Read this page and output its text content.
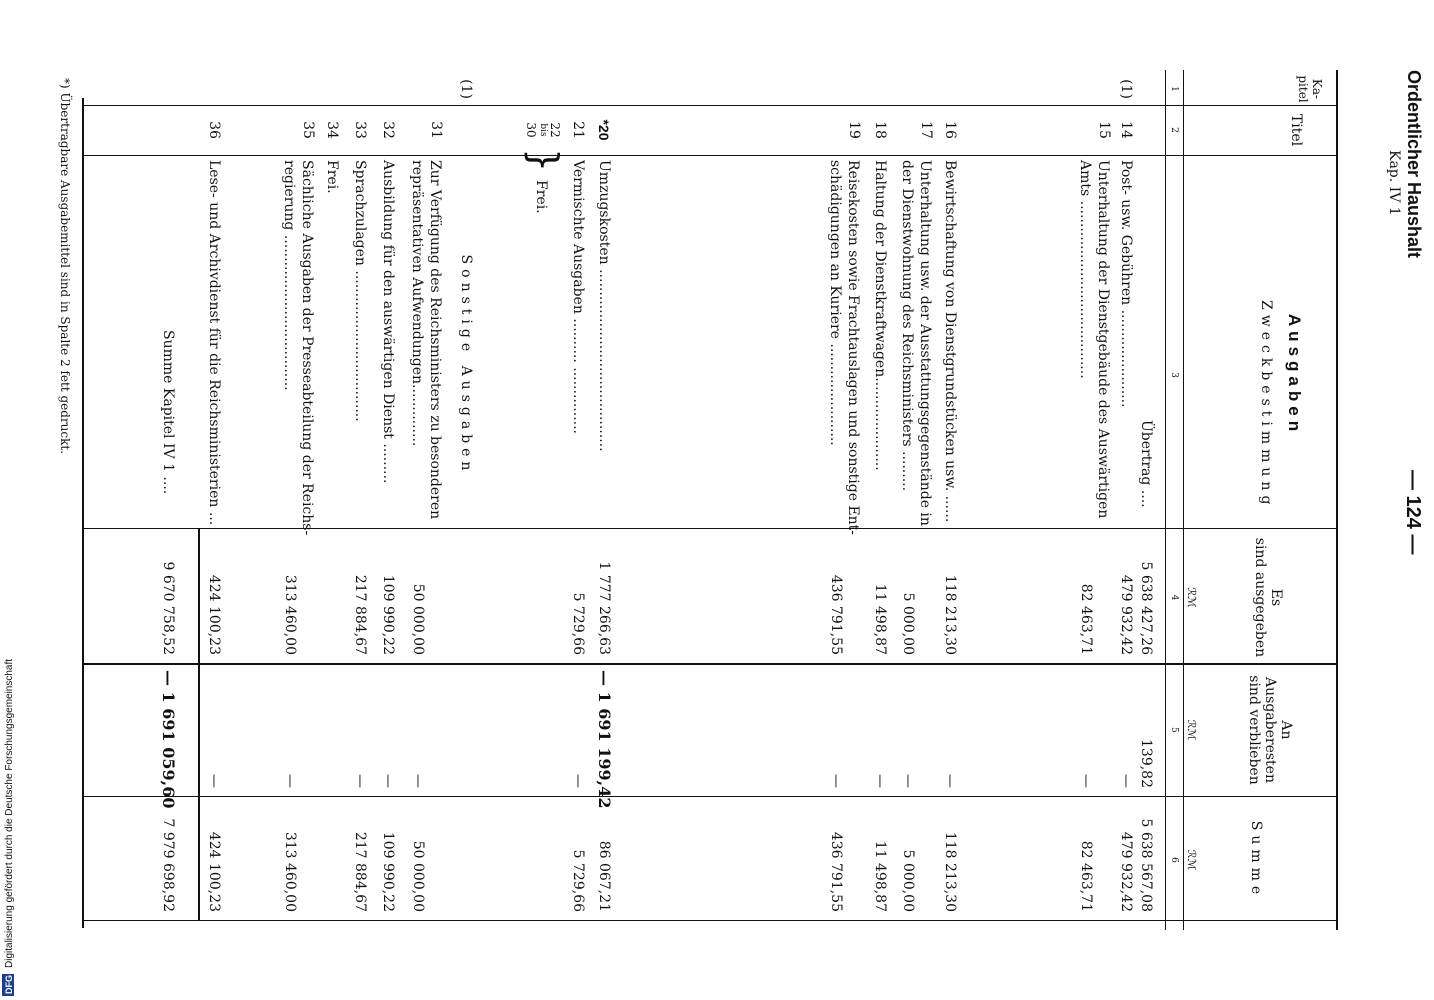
Ordentlicher Haushalt
Kap. IV 1
— 124 —
Ka-
pitel
Titel
Ausgaben
Zweckbestimmung
Es
sind ausgegeben
An
Ausgaberesten
sind verblieben
Summe
ℛℳ
ℛℳ
ℛℳ
1
2
3
4
5
6
Übertrag ....
5 638 427,26
139,82
5 638 567,08
(1)
14
Post- usw. Gebühren ......................
479 932,42
—
479 932,42
15
Unterhaltung der Dienstgebäude des Auswärtigen
Amts ........................................
82 463,71
—
82 463,71
16
Bewirtschaftung von Dienstgrundstücken usw. ......
118 213,30
—
118 213,30
17
Unterhaltung usw. der Ausstattungsgegenstände in
der Dienstwohnung des Reichsministers .........
5 000,00
—
5 000,00
18
Haltung der Dienstkraftwagen.....................
11 498,87
—
11 498,87
19
Reisekosten sowie Frachtauslagen und sonstige Ent-
schädigungen an Kuriere .......................
436 791,55
—
436 791,55
*20
Umzugskosten .........................................
1 777 266,63
— 1 691 199,42
86 067,21
21
Vermischte Ausgaben .......... ...............
5 729,66
—
5 729,66
22
bis
30
}
Frei.
(1)
Sonstige Ausgaben
31
Zur Verfügung des Reichsministers zu besonderen
repräsentativen Aufwendungen..............
50 000,00
—
50 000,00
32
Ausbildung für den auswärtigen Dienst .........
109 990,22
—
109 990,22
33
Sprachzulagen ..................................
217 884,67
—
217 884,67
34
Frei.
35
Sächliche Ausgaben der Presseabteilung der Reichs-
regierung ...................................
313 460,00
—
313 460,00
36
Lese- und Archivdienst für die Reichsministerien ...
424 100,23
—
424 100,23
Summe Kapitel IV 1 ....
9 670 758,52
— 1 691 059,60
7 979 698,92
*) Übertragbare Ausgabemittel sind in Spalte 2 fett gedruckt.
DFG
Digitalisierung gefördert durch die Deutsche Forschungsgemeinschaft
